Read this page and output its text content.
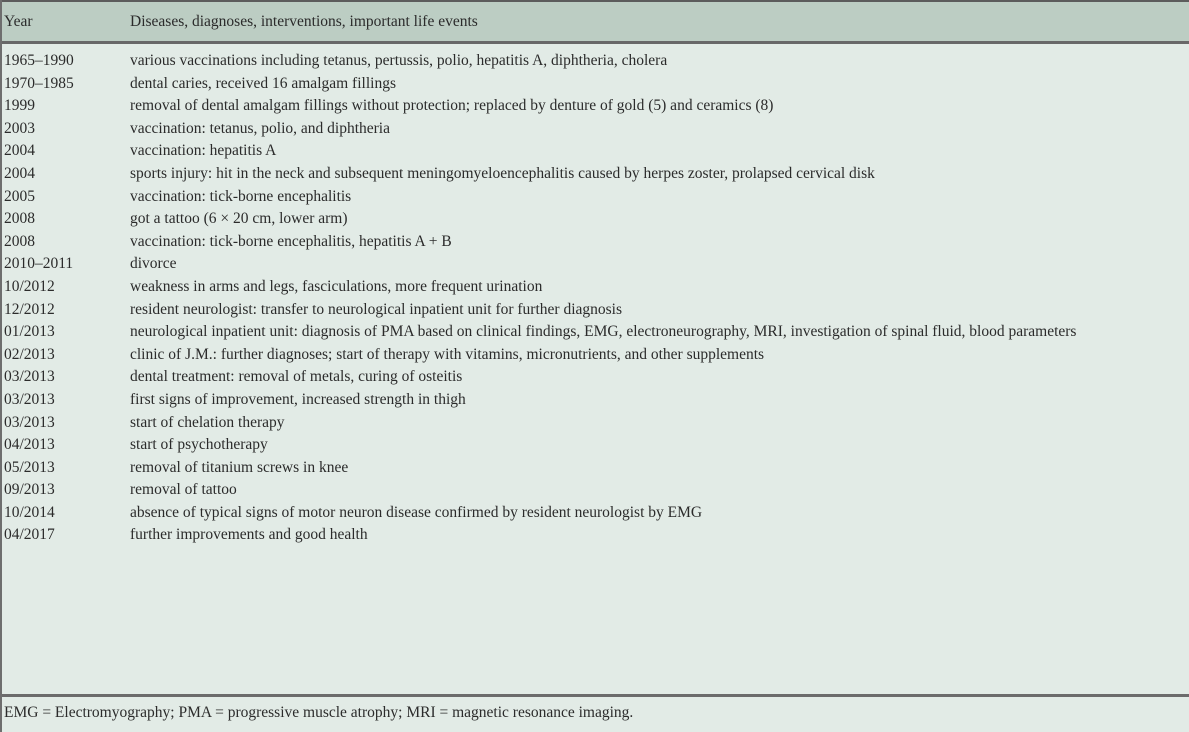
Year	Diseases, diagnoses, interventions, important life events
1965–1990	various vaccinations including tetanus, pertussis, polio, hepatitis A, diphtheria, cholera
1970–1985	dental caries, received 16 amalgam fillings
1999	removal of dental amalgam fillings without protection; replaced by denture of gold (5) and ceramics (8)
2003	vaccination: tetanus, polio, and diphtheria
2004	vaccination: hepatitis A
2004	sports injury: hit in the neck and subsequent meningomyeloencephalitis caused by herpes zoster, prolapsed cervical disk
2005	vaccination: tick-borne encephalitis
2008	got a tattoo (6 × 20 cm, lower arm)
2008	vaccination: tick-borne encephalitis, hepatitis A + B
2010–2011	divorce
10/2012	weakness in arms and legs, fasciculations, more frequent urination
12/2012	resident neurologist: transfer to neurological inpatient unit for further diagnosis
01/2013	neurological inpatient unit: diagnosis of PMA based on clinical findings, EMG, electroneurography, MRI, investigation of spinal fluid, blood parameters
02/2013	clinic of J.M.: further diagnoses; start of therapy with vitamins, micronutrients, and other supplements
03/2013	dental treatment: removal of metals, curing of osteitis
03/2013	first signs of improvement, increased strength in thigh
03/2013	start of chelation therapy
04/2013	start of psychotherapy
05/2013	removal of titanium screws in knee
09/2013	removal of tattoo
10/2014	absence of typical signs of motor neuron disease confirmed by resident neurologist by EMG
04/2017	further improvements and good health
EMG = Electromyography; PMA = progressive muscle atrophy; MRI = magnetic resonance imaging.
